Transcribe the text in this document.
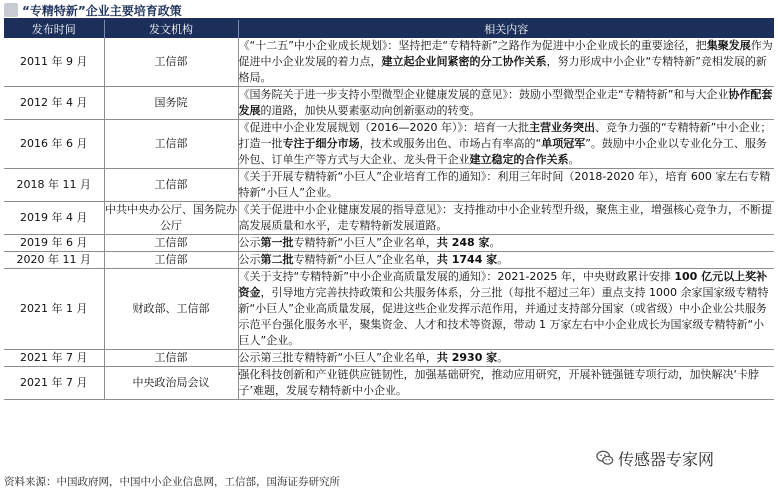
“专精特新”企业主要培育政策
发布时间	发文机构	相关内容
2011 年 9 月	工信部	《“十二五”中小企业成长规划》：坚持把走“专精特新”之路作为促进中小企业成长的重要途径，把集聚发展作为促进中小企业发展的着力点，建立起企业间紧密的分工协作关系，努力形成中小企业“专精特新”竞相发展的新格局。
2012 年 4 月	国务院	《国务院关于进一步支持小型微型企业健康发展的意见》：鼓励小型微型企业走“专精特新”和与大企业协作配套发展的道路，加快从要素驱动向创新驱动的转变。
2016 年 6 月	工信部	《促进中小企业发展规划（2016—2020 年）》：培育一大批主营业务突出、竞争力强的“专精特新”中小企业；打造一批专注于细分市场，技术或服务出色、市场占有率高的“单项冠军”。鼓励中小企业以专业化分工、服务外包、订单生产等方式与大企业、龙头骨干企业建立稳定的合作关系。
2018 年 11 月	工信部	《关于开展专精特新“小巨人”企业培育工作的通知》：利用三年时间（2018-2020 年），培育 600 家左右专精特新“小巨人”企业。
2019 年 4 月	中共中央办公厅、国务院办公厅	《关于促进中小企业健康发展的指导意见》：支持推动中小企业转型升级，聚焦主业，增强核心竞争力，不断提高发展质量和水平，走专精特新发展道路。
2019 年 6 月	工信部	公示第一批专精特新“小巨人”企业名单，共 248 家。
2020 年 11 月	工信部	公示第二批专精特新“小巨人”企业名单，共 1744 家。
2021 年 1 月	财政部、工信部	《关于支持“专精特新”中小企业高质量发展的通知》：2021-2025 年，中央财政累计安排 100 亿元以上奖补资金，引导地方完善扶持政策和公共服务体系，分三批（每批不超过三年）重点支持 1000 余家国家级专精特新“小巨人”企业高质量发展，促进这些企业发挥示范作用，并通过支持部分国家（或省级）中小企业公共服务示范平台强化服务水平，聚集资金、人才和技术等资源，带动 1 万家左右中小企业成长为国家级专精特新“小巨人”企业。
2021 年 7 月	工信部	公示第三批专精特新“小巨人”企业名单，共 2930 家。
2021 年 7 月	中央政治局会议	强化科技创新和产业链供应链韧性，加强基础研究，推动应用研究，开展补链强链专项行动，加快解决‘卡脖子’难题，发展专精特新中小企业。
资料来源：中国政府网，中国中小企业信息网，工信部，国海证券研究所
传感器专家网
